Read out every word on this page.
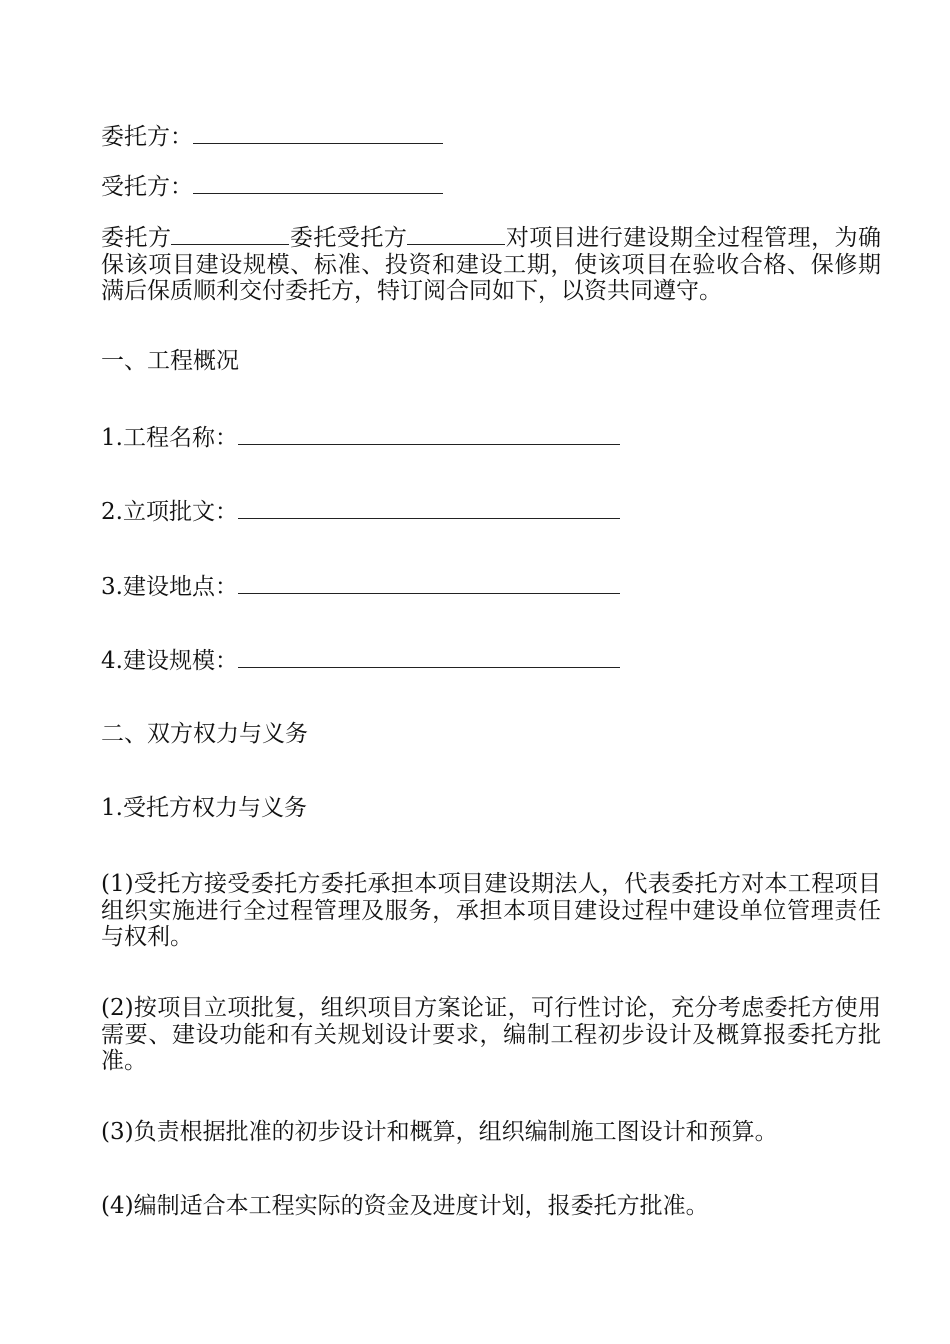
委托方：

受托方：

委托方	委托受托方	对项目进行建设期全过程管理，为确保该项目建设规模、标准、投资和建设工期，使该项目在验收合格、保修期满后保质顺利交付委托方，特订阅合同如下，以资共同遵守。

一、工程概况

1.工程名称：

2.立项批文：

3.建设地点：

4.建设规模：

二、双方权力与义务

1.受托方权力与义务

(1)受托方接受委托方委托承担本项目建设期法人，代表委托方对本工程项目组织实施进行全过程管理及服务，承担本项目建设过程中建设单位管理责任与权利。

(2)按项目立项批复，组织项目方案论证，可行性讨论，充分考虑委托方使用需要、建设功能和有关规划设计要求，编制工程初步设计及概算报委托方批准。

(3)负责根据批准的初步设计和概算，组织编制施工图设计和预算。

(4)编制适合本工程实际的资金及进度计划，报委托方批准。
